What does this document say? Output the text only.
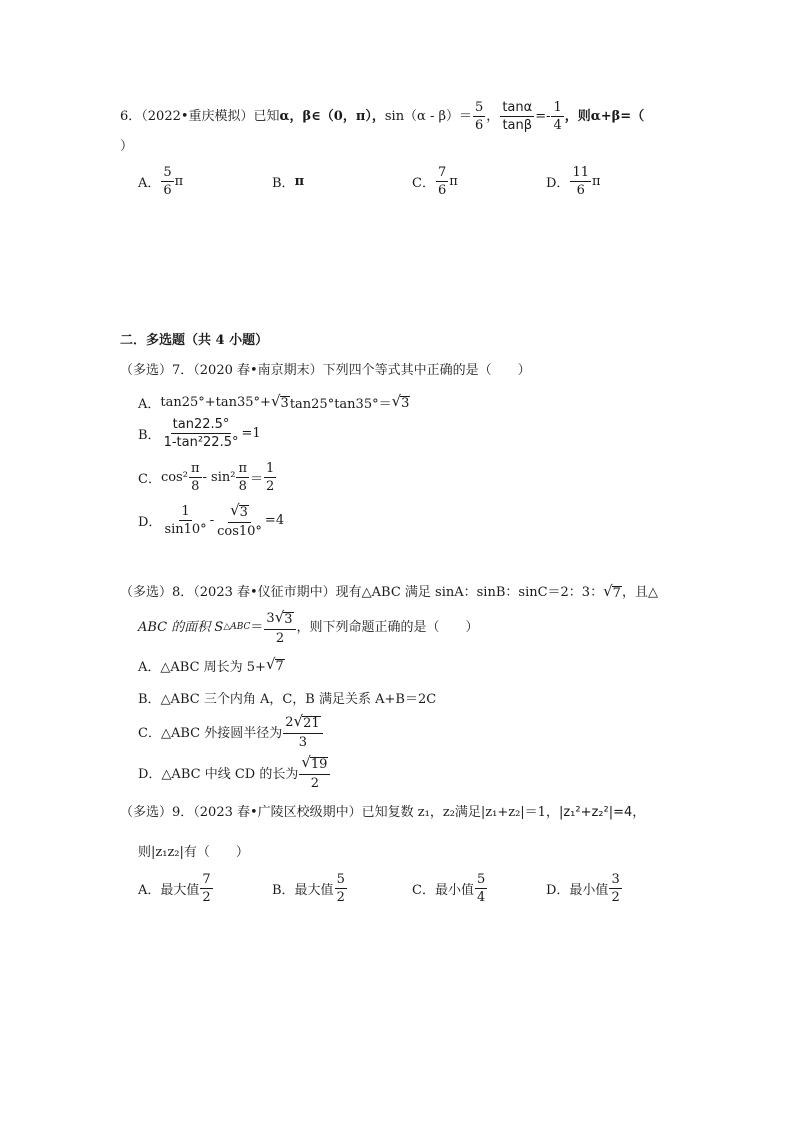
6．（2022•重庆模拟）已知 α，β∈（0，π）， $\sin(\alpha - \beta)= \frac{5}{6}$ ， $\frac{\tan\alpha}{\tan\beta} =- \frac{1}{4}$ ，则α+β=（
）
A． $\frac{5}{6}$ π	B． π	C． $\frac{7}{6}$ π	D． $\frac{11}{6}$ π
二．多选题（共 4 小题）
（多选）7．（2020 春•南京期末）下列四个等式其中正确的是（　　）
A． tan25°+tan35°+ √ 3 tan25°tan35°＝ √ 3
B． $\frac{\tan 22.5^\circ}{\text{1-tan²22.5°}} =1$
C． $\cos^2 \frac{\pi}{8} - \sin^2 \frac{\pi}{8} = \frac{1}{2}$
D． $\frac{1}{\sin 10^\circ} - \frac{√ 3}{\cos 10^\circ} =4$
（多选）8．（2023 春•仪征市期中）现有△ABC 满足 sinA：sinB：sinC＝2：3： √ 7 ，且△
ABC 的面积 S △ABC ＝ $\frac{3 √ 3}{2}$ ，则下列命题正确的是（　　）
A． △ABC 周长为 5+ √ 7
B． △ABC 三个内角 A，C，B 满足关系 A+B＝2C
C． △ABC 外接圆半径为 $\frac{2 √ 21}{3}$
D． △ABC 中线 CD 的长为 $\frac{√ 19}{2}$
（多选）9．（2023 春•广陵区校级期中）已知复数 z₁，z₂满足|z₁+z₂|＝1， |z₁²+z₂²|=4 ，
则|z₁z₂|有（　　）
A．最大值 $\frac{7}{2}$	B．最大值 $\frac{5}{2}$	C．最小值 $\frac{5}{4}$	D．最小值 $\frac{3}{2}$
